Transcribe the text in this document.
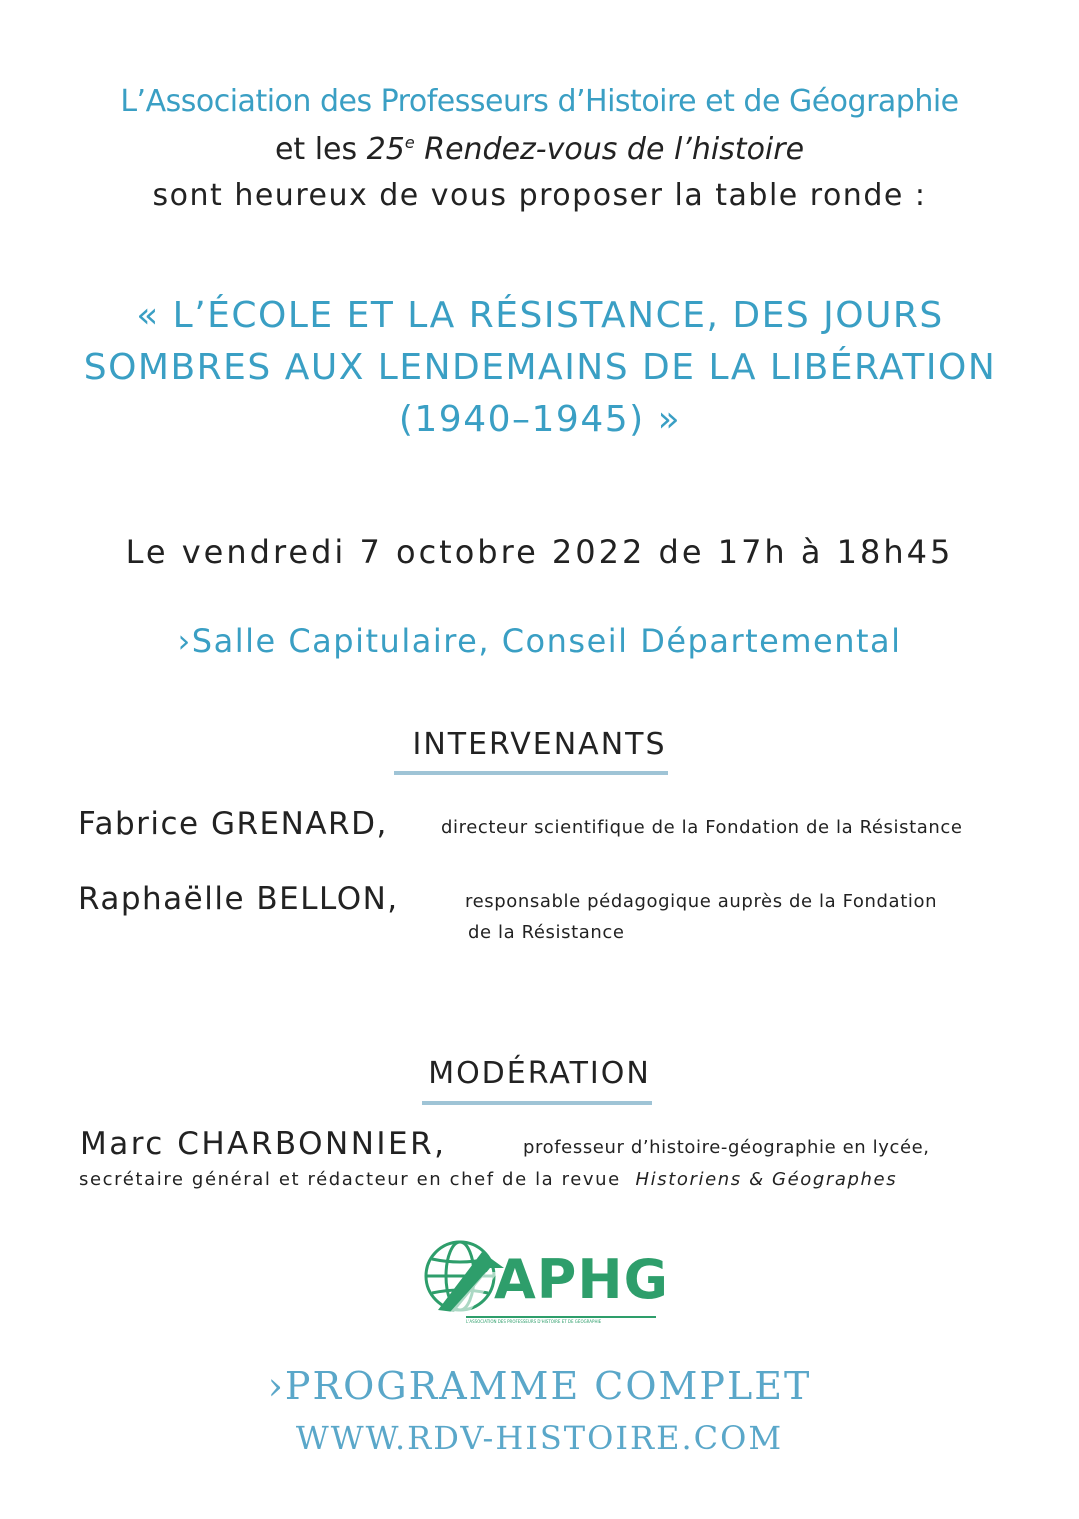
L’Association des Professeurs d’Histoire et de Géographie
et les 25e Rendez-vous de l’histoire
sont heureux de vous proposer la table ronde :
« L’ÉCOLE ET LA RÉSISTANCE, DES JOURS
SOMBRES AUX LENDEMAINS DE LA LIBÉRATION
(1940–1945) »
Le vendredi 7 octobre 2022 de 17h à 18h45
›Salle Capitulaire, Conseil Départemental
INTERVENANTS
Fabrice GRENARD,	directeur scientifique de la Fondation de la Résistance
Raphaëlle BELLON,	responsable pédagogique auprès de la Fondation
de la Résistance
MODÉRATION
Marc CHARBONNIER,	professeur d’histoire-géographie en lycée,
secrétaire général et rédacteur en chef de la revue Historiens & Géographes
APHG
L'ASSOCIATION DES PROFESSEURS D'HISTOIRE ET DE GÉOGRAPHIE
›PROGRAMME COMPLET
WWW.RDV-HISTOIRE.COM
